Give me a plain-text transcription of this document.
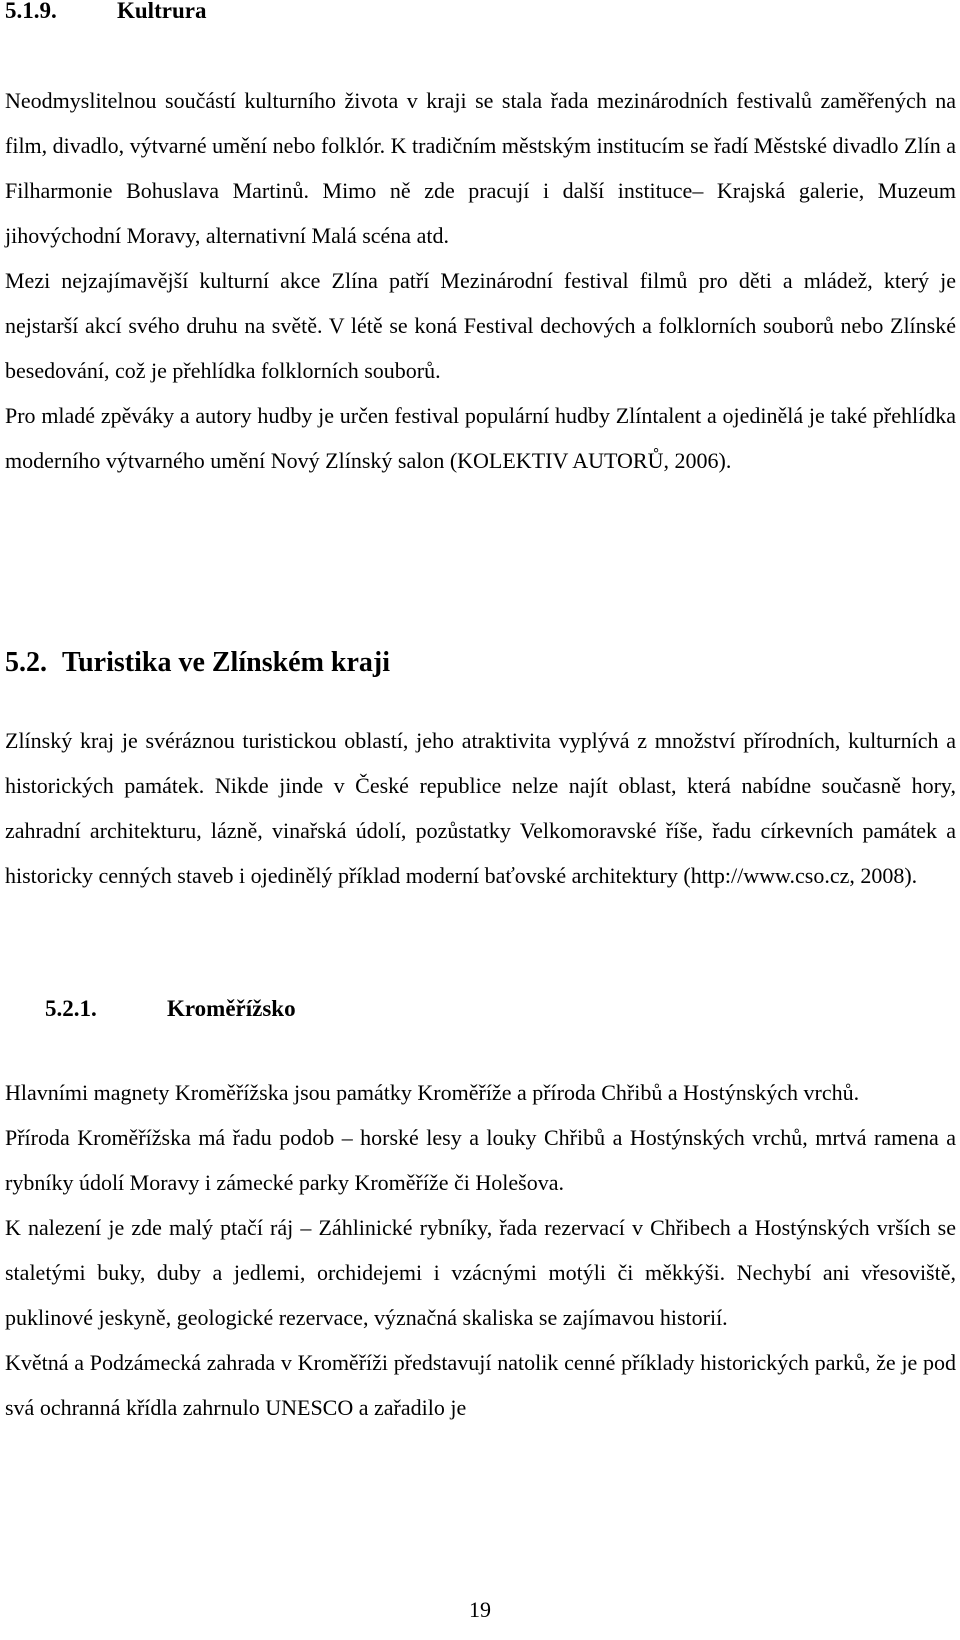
5.1.9.	Kultrura

Neodmyslitelnou součástí kulturního života v kraji se stala řada mezinárodních festivalů zaměřených na film, divadlo, výtvarné umění nebo folklór. K tradičním městským institucím se řadí Městské divadlo Zlín a Filharmonie Bohuslava Martinů. Mimo ně zde pracují i další instituce– Krajská galerie, Muzeum jihovýchodní Moravy, alternativní Malá scéna atd.

Mezi nejzajímavější kulturní akce Zlína patří Mezinárodní festival filmů pro děti a mládež, který je nejstarší akcí svého druhu na světě. V létě se koná Festival dechových a folklorních souborů nebo Zlínské besedování, což je přehlídka folklorních souborů.

Pro mladé zpěváky a autory hudby je určen festival populární hudby Zlíntalent a ojedinělá je také přehlídka moderního výtvarného umění Nový Zlínský salon (KOLEKTIV AUTORŮ, 2006).

5.2. Turistika ve Zlínském kraji

Zlínský kraj je svéráznou turistickou oblastí, jeho atraktivita vyplývá z množství přírodních, kulturních a historických památek. Nikde jinde v České republice nelze najít oblast, která nabídne současně hory, zahradní architekturu, lázně, vinařská údolí, pozůstatky Velkomoravské říše, řadu církevních památek a historicky cenných staveb i ojedinělý příklad moderní baťovské architektury (http://www.cso.cz, 2008).

5.2.1.	Kroměřížsko

Hlavními magnety Kroměřížska jsou památky Kroměříže a příroda Chřibů a Hostýnských vrchů.

Příroda Kroměřížska má řadu podob – horské lesy a louky Chřibů a Hostýnských vrchů, mrtvá ramena a rybníky údolí Moravy i zámecké parky Kroměříže či Holešova.

K nalezení je zde malý ptačí ráj – Záhlinické rybníky, řada rezervací v Chřibech a Hostýnských vrších se staletými buky, duby a jedlemi, orchidejemi i vzácnými motýli či měkkýši. Nechybí ani vřesoviště, puklinové jeskyně, geologické rezervace, význačná skaliska se zajímavou historií.

Květná a Podzámecká zahrada v Kroměříži představují natolik cenné příklady historických parků, že je pod svá ochranná křídla zahrnulo UNESCO a zařadilo je

19
